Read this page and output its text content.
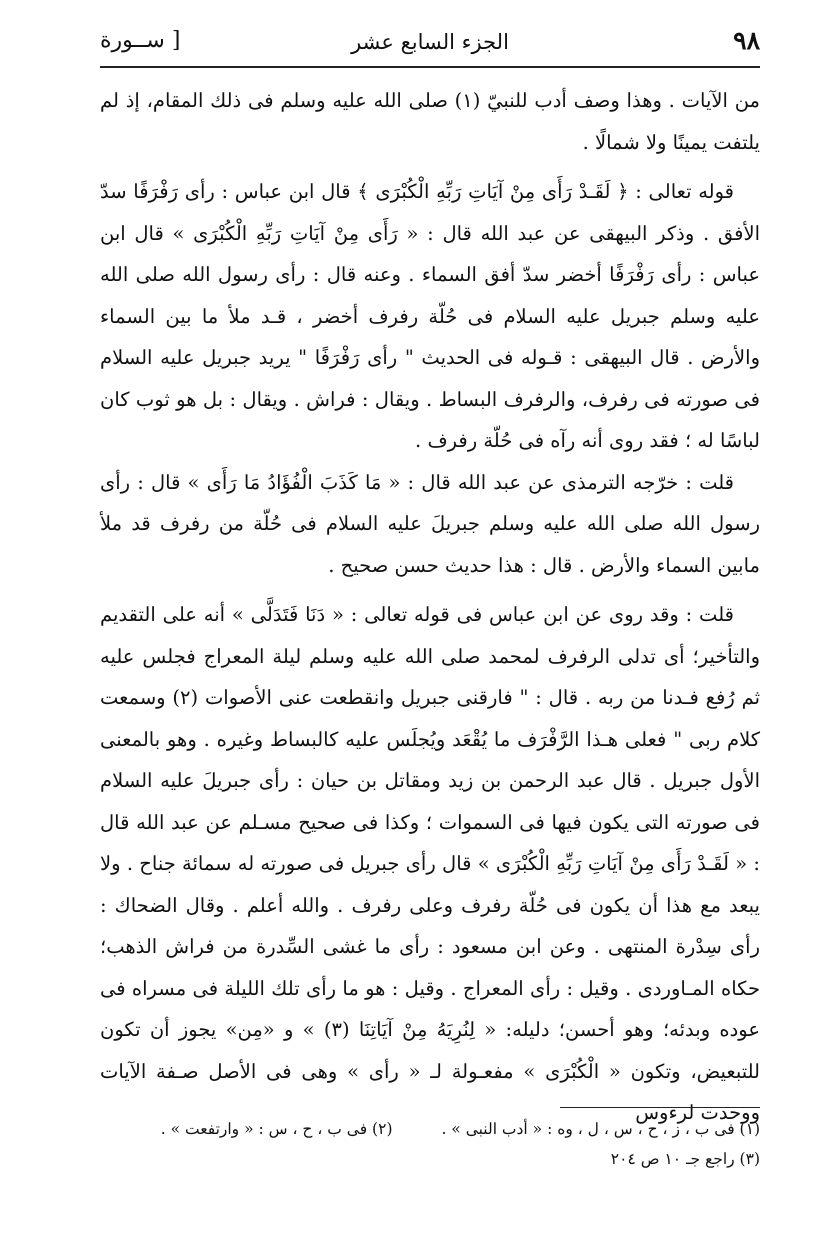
٩٨
الجزء السابع عشر
[ ســورة

من الآيات . وهذا وصف أدب للنبيّ (١) صلى الله عليه وسلم فى ذلك المقام، إذ لم يلتفت يمينًا ولا شمالًا .

قوله تعالى : ﴿ لَقَـدْ رَأَى مِنْ آيَاتِ رَبِّهِ الْكُبْرَى ﴾ قال ابن عباس : رأى رَفْرَفًا سدّ الأفق . وذكر البيهقى عن عبد الله قال : « رَأَى مِنْ آيَاتِ رَبِّهِ الْكُبْرَى » قال ابن عباس : رأى رَفْرَفًا أخضر سدّ أفق السماء . وعنه قال : رأى رسول الله صلى الله عليه وسلم جبريل عليه السلام فى حُلّة رفرف أخضر ، قـد ملأ ما بين السماء والأرض . قال البيهقى : قـوله فى الحديث " رأى رَفْرَفًا " يريد جبريل عليه السلام فى صورته فى رفرف، والرفرف البساط . ويقال : فراش . ويقال : بل هو ثوب كان لباسًا له ؛ فقد روى أنه رآه فى حُلّة رفرف .

قلت : خرّجه الترمذى عن عبد الله قال : « مَا كَذَبَ الْفُؤَادُ مَا رَأَى » قال : رأى رسول الله صلى الله عليه وسلم جبريلَ عليه السلام فى حُلّة من رفرف قد ملأ مابين السماء والأرض . قال : هذا حديث حسن صحيح .

قلت : وقد روى عن ابن عباس فى قوله تعالى : « دَنَا فَتَدَلَّى » أنه على التقديم والتأخير؛ أى تدلى الرفرف لمحمد صلى الله عليه وسلم ليلة المعراج فجلس عليه ثم رُفع فـدنا من ربه . قال : " فارقنى جبريل وانقطعت عنى الأصوات (٢) وسمعت كلام ربى " فعلى هـذا الرَّفْرَف ما يُقْعَد ويُجلَس عليه كالبساط وغيره . وهو بالمعنى الأول جبريل . قال عبد الرحمن بن زيد ومقاتل بن حيان : رأى جبريلَ عليه السلام فى صورته التى يكون فيها فى السموات ؛ وكذا فى صحيح مسـلم عن عبد الله قال : « لَقَـدْ رَأَى مِنْ آيَاتِ رَبِّهِ الْكُبْرَى » قال رأى جبريل فى صورته له سمائة جناح . ولا يبعد مع هذا أن يكون فى حُلّة رفرف وعلى رفرف . والله أعلم . وقال الضحاك : رأى سِدْرة المنتهى . وعن ابن مسعود : رأى ما غشى السِّدرة من فراش الذهب؛ حكاه المـاوردى . وقيل : رأى المعراج . وقيل : هو ما رأى تلك الليلة فى مسراه فى عوده وبدئه؛ وهو أحسن؛ دليله: « لِنُرِيَهُ مِنْ آيَاتِنَا (٣) » و «مِن» يجوز أن تكون للتبعيض، وتكون « الْكُبْرَى » مفعـولة لـ « رأى » وهى فى الأصل صـفة الآيات ووحدت لرءوس

(١) فى ب ، ز ، ح ، س ، ل ، وه : « أدب النبى » . (٢) فى ب ، ح ، س : « وارتفعت » .
(٣) راجع جـ ١٠ ص ٢٠٤
